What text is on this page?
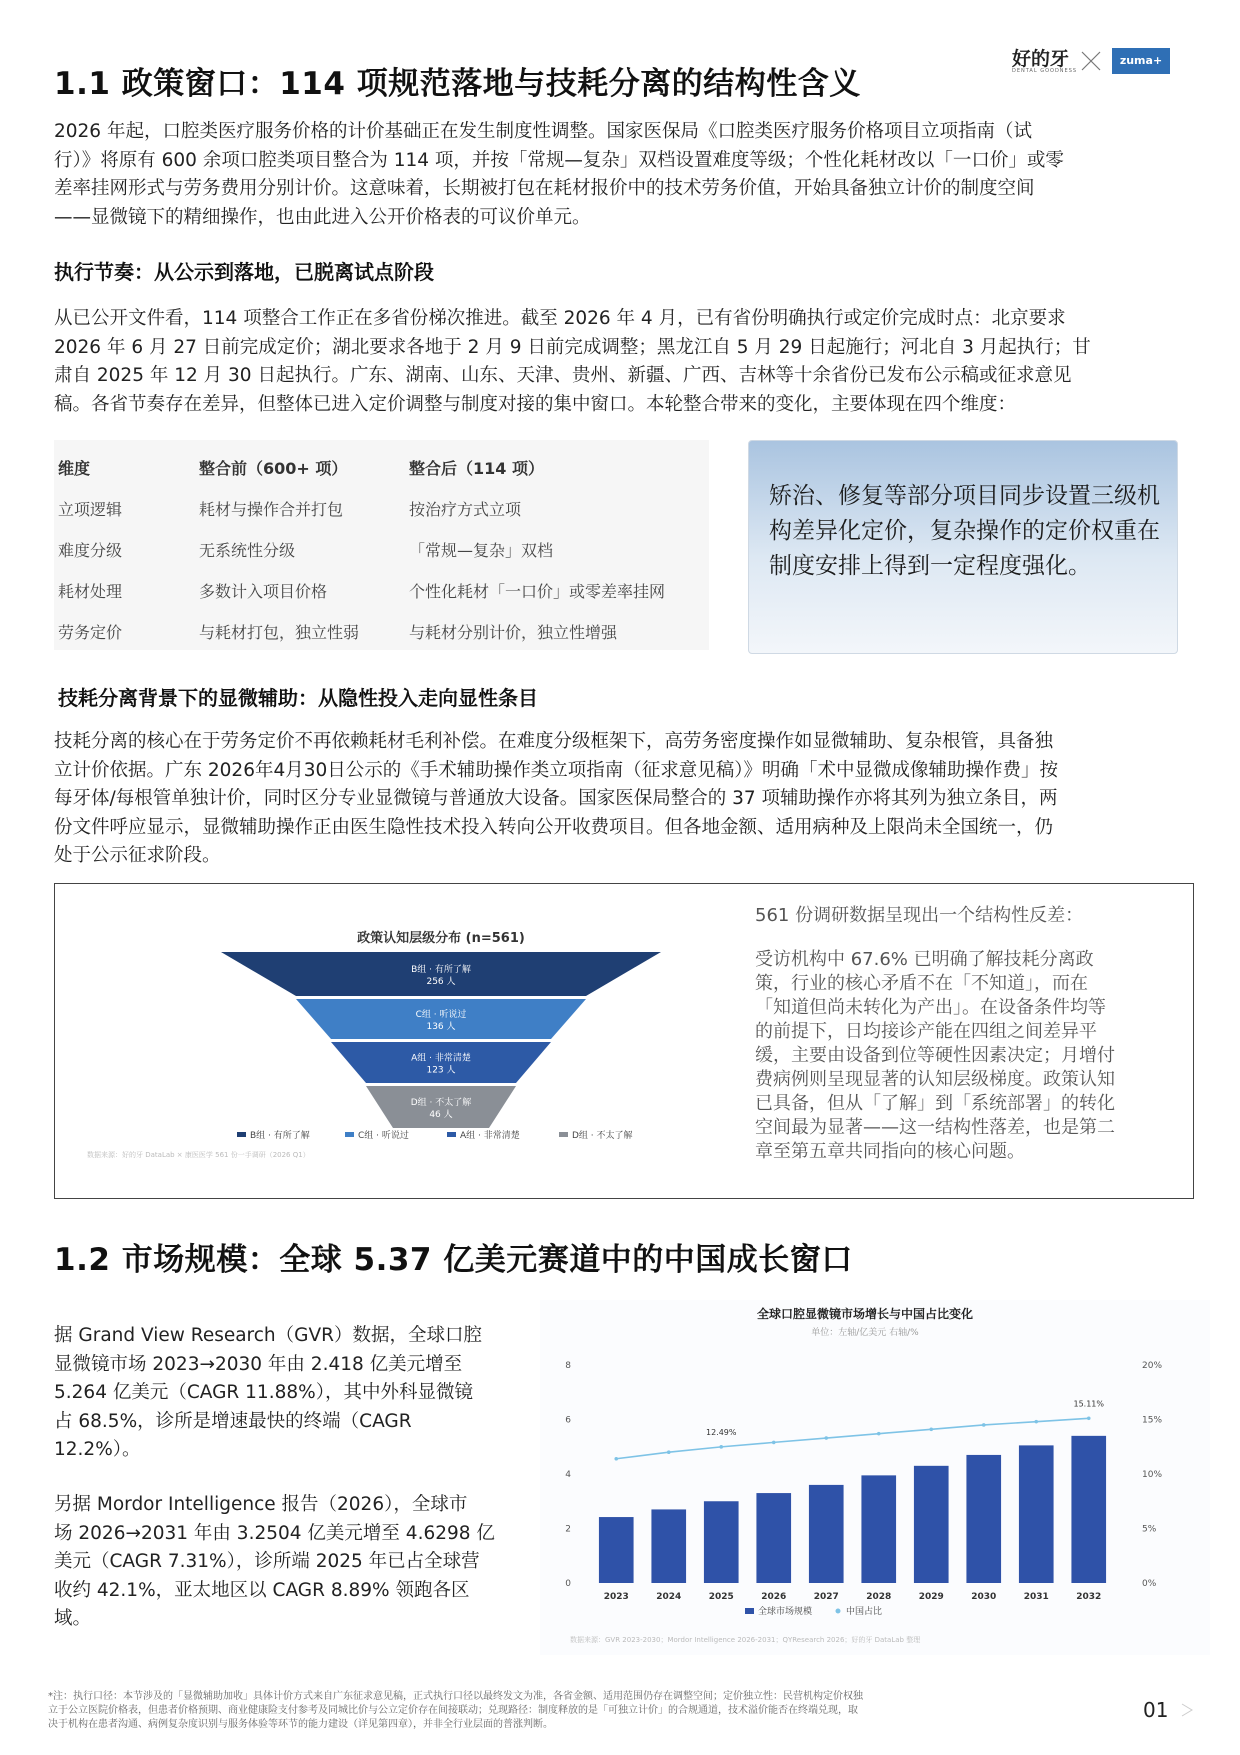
好的牙
DENTAL GOODNESS
zuma+
1.1 政策窗口：114 项规范落地与技耗分离的结构性含义
2026 年起，口腔类医疗服务价格的计价基础正在发生制度性调整。国家医保局《口腔类医疗服务价格项目立项指南（试
行）》将原有 600 余项口腔类项目整合为 114 项，并按「常规—复杂」双档设置难度等级；个性化耗材改以「一口价」或零
差率挂网形式与劳务费用分别计价。这意味着，长期被打包在耗材报价中的技术劳务价值，开始具备独立计价的制度空间
——显微镜下的精细操作，也由此进入公开价格表的可议价单元。
执行节奏：从公示到落地，已脱离试点阶段
从已公开文件看，114 项整合工作正在多省份梯次推进。截至 2026 年 4 月，已有省份明确执行或定价完成时点：北京要求
2026 年 6 月 27 日前完成定价；湖北要求各地于 2 月 9 日前完成调整；黑龙江自 5 月 29 日起施行；河北自 3 月起执行；甘
肃自 2025 年 12 月 30 日起执行。广东、湖南、山东、天津、贵州、新疆、广西、吉林等十余省份已发布公示稿或征求意见
稿。各省节奏存在差异，但整体已进入定价调整与制度对接的集中窗口。本轮整合带来的变化，主要体现在四个维度：
维度	整合前（600+ 项）	整合后（114 项）
立项逻辑	耗材与操作合并打包	按治疗方式立项
难度分级	无系统性分级	「常规—复杂」双档
耗材处理	多数计入项目价格	个性化耗材「一口价」或零差率挂网
劳务定价	与耗材打包，独立性弱	与耗材分别计价，独立性增强
矫治、修复等部分项目同步设置三级机构差异化定价，复杂操作的定价权重在制度安排上得到一定程度强化。
技耗分离背景下的显微辅助：从隐性投入走向显性条目
技耗分离的核心在于劳务定价不再依赖耗材毛利补偿。在难度分级框架下，高劳务密度操作如显微辅助、复杂根管，具备独
立计价依据。广东 2026年4月30日公示的《手术辅助操作类立项指南（征求意见稿）》明确「术中显微成像辅助操作费」按
每牙体/每根管单独计价，同时区分专业显微镜与普通放大设备。国家医保局整合的 37 项辅助操作亦将其列为独立条目，两
份文件呼应显示，显微辅助操作正由医生隐性技术投入转向公开收费项目。但各地金额、适用病种及上限尚未全国统一，仍
处于公示征求阶段。
政策认知层级分布 (n=561)
B组 · 有所了解
256 人
C组 · 听说过
136 人
A组 · 非常清楚
123 人
D组 · 不太了解
46 人
B组 · 有所了解	C组 · 听说过	A组 · 非常清楚	D组 · 不太了解
数据来源：好的牙 DataLab × 康医医学 561 份一手调研（2026 Q1）
561 份调研数据呈现出一个结构性反差：
受访机构中 67.6% 已明确了解技耗分离政
策，行业的核心矛盾不在「不知道」，而在
「知道但尚未转化为产出」。在设备条件均等
的前提下，日均接诊产能在四组之间差异平
缓，主要由设备到位等硬性因素决定；月增付
费病例则呈现显著的认知层级梯度。政策认知
已具备，但从「了解」到「系统部署」的转化
空间最为显著——这一结构性落差，也是第二
章至第五章共同指向的核心问题。
1.2 市场规模：全球 5.37 亿美元赛道中的中国成长窗口
据 Grand View Research（GVR）数据，全球口腔
显微镜市场 2023→2030 年由 2.418 亿美元增至
5.264 亿美元（CAGR 11.88%），其中外科显微镜
占 68.5%，诊所是增速最快的终端（CAGR
12.2%）。
另据 Mordor Intelligence 报告（2026），全球市
场 2026→2031 年由 3.2504 亿美元增至 4.6298 亿
美元（CAGR 7.31%），诊所端 2025 年已占全球营
收约 42.1%，亚太地区以 CAGR 8.89% 领跑各区
域。
全球口腔显微镜市场增长与中国占比变化
单位：左轴/亿美元 右轴/%
0
2
4
6
8
0%
5%
10%
15%
20%
2023	2024	2025	2026	2027	2028	2029	2030	2031	2032
12.49%
15.11%
全球市场规模	中国占比
数据来源：GVR 2023-2030；Mordor Intelligence 2026-2031；QYResearch 2026；好的牙 DataLab 整理
*注：执行口径：本节涉及的「显微辅助加收」具体计价方式来自广东征求意见稿，正式执行口径以最终发文为准，各省金额、适用范围仍存在调整空间；定价独立性：民营机构定价权独
立于公立医院价格表，但患者价格预期、商业健康险支付参考及同城比价与公立定价存在间接联动；兑现路径：制度释放的是「可独立计价」的合规通道，技术溢价能否在终端兑现，取
决于机构在患者沟通、病例复杂度识别与服务体验等环节的能力建设（详见第四章），并非全行业层面的普涨判断。
01
